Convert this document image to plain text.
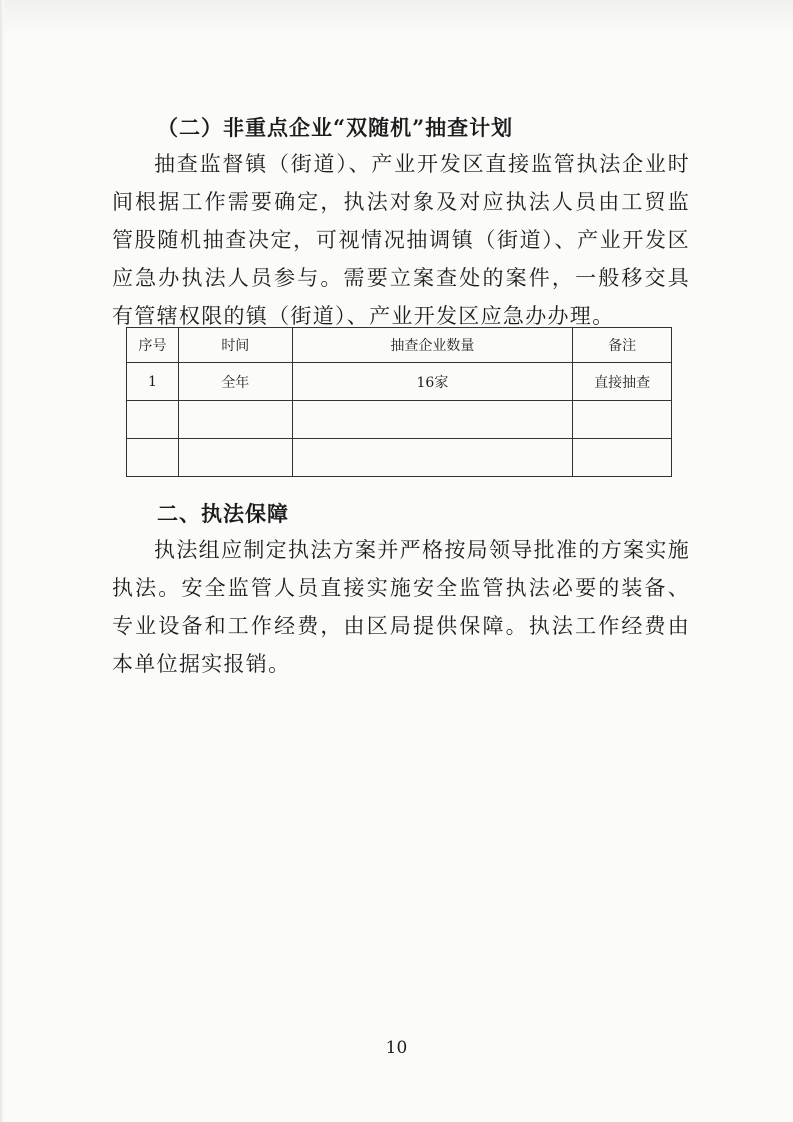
（二）非重点企业“双随机”抽查计划

抽查监督镇（街道）、产业开发区直接监管执法企业时间根据工作需要确定，执法对象及对应执法人员由工贸监管股随机抽查决定，可视情况抽调镇（街道）、产业开发区应急办执法人员参与。需要立案查处的案件，一般移交具有管辖权限的镇（街道）、产业开发区应急办办理。

序号	时间	抽查企业数量	备注
1	全年	16家	直接抽查

二、执法保障

执法组应制定执法方案并严格按局领导批准的方案实施执法。安全监管人员直接实施安全监管执法必要的装备、专业设备和工作经费，由区局提供保障。执法工作经费由本单位据实报销。

10
